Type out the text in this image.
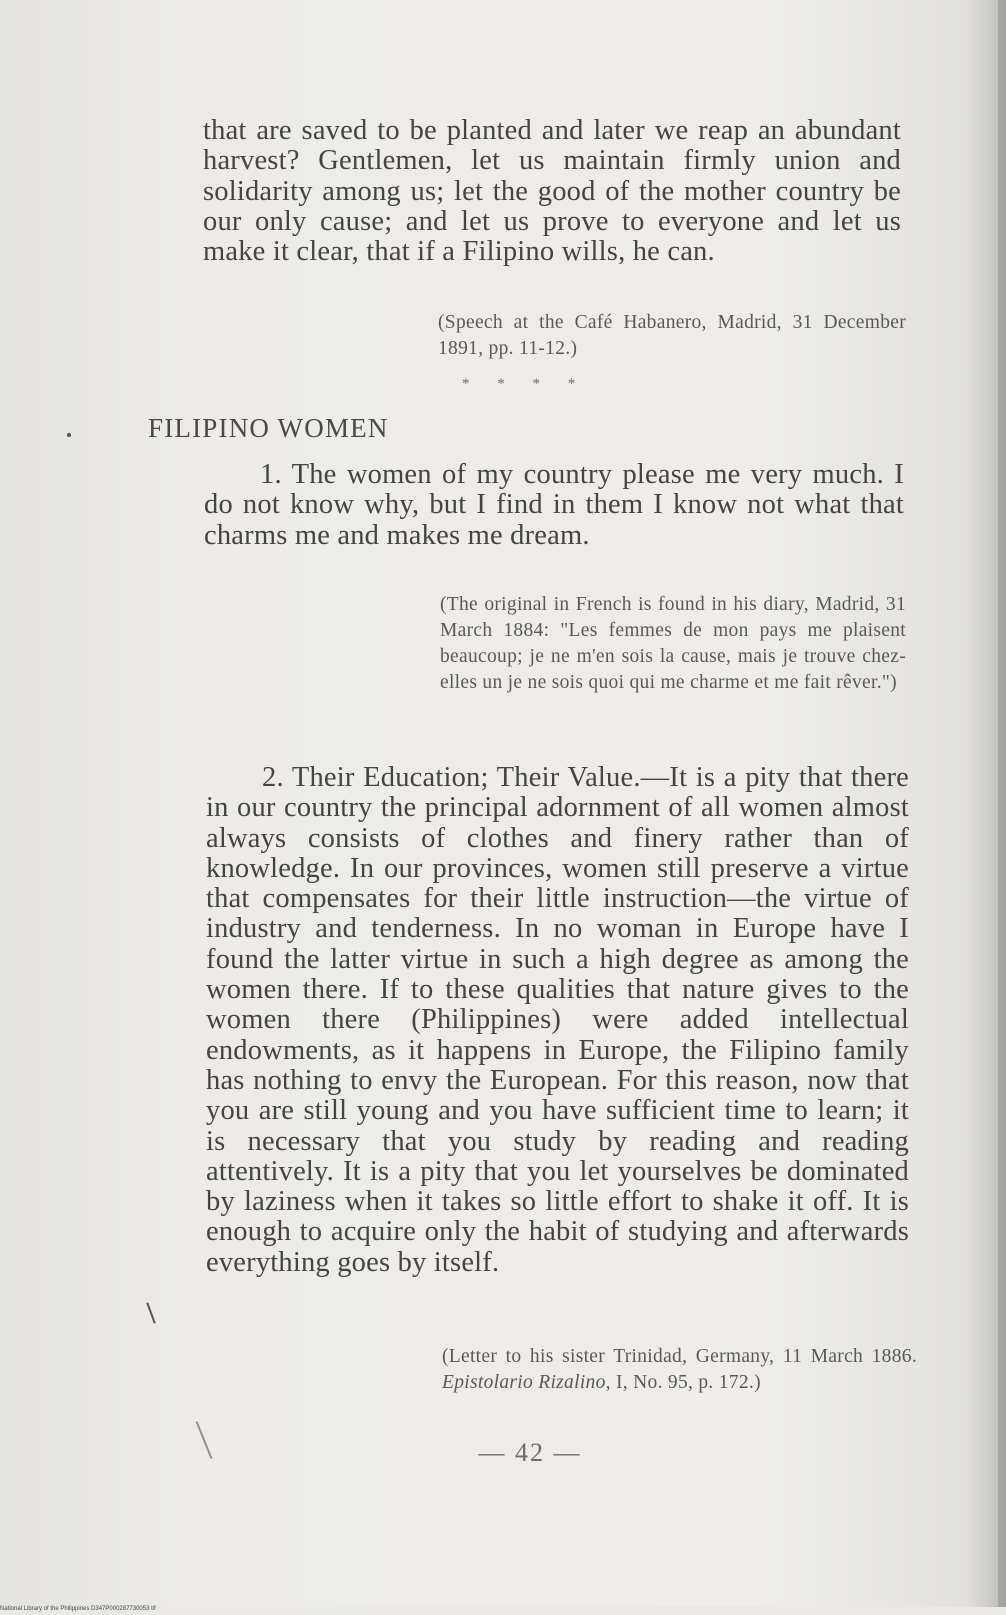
that are saved to be planted and later we reap an abundant harvest? Gentlemen, let us maintain firmly union and solidarity among us; let the good of the mother country be our only cause; and let us prove to everyone and let us make it clear, that if a Filipino wills, he can.

(Speech at the Café Habanero, Madrid, 31 December 1891, pp. 11-12.)

* * * *
FILIPINO WOMEN

1. The women of my country please me very much. I do not know why, but I find in them I know not what that charms me and makes me dream.

(The original in French is found in his diary, Madrid, 31 March 1884: "Les femmes de mon pays me plaisent beaucoup; je ne m'en sois la cause, mais je trouve chez-elles un je ne sois quoi qui me charme et me fait rêver.")

2. Their Education; Their Value.—It is a pity that there in our country the principal adornment of all women almost always consists of clothes and finery rather than of knowledge. In our provinces, women still preserve a virtue that compensates for their little instruction—the virtue of industry and tenderness. In no woman in Europe have I found the latter virtue in such a high degree as among the women there. If to these qualities that nature gives to the women there (Philippines) were added intellectual endowments, as it happens in Europe, the Filipino family has nothing to envy the European. For this reason, now that you are still young and you have sufficient time to learn; it is necessary that you study by reading and reading attentively. It is a pity that you let yourselves be dominated by laziness when it takes so little effort to shake it off. It is enough to acquire only the habit of studying and afterwards everything goes by itself.

(Letter to his sister Trinidad, Germany, 11 March 1886. Epistolario Rizalino, I, No. 95, p. 172.)

— 42 —
National Library of the Philippines D347P000287730053 tif
